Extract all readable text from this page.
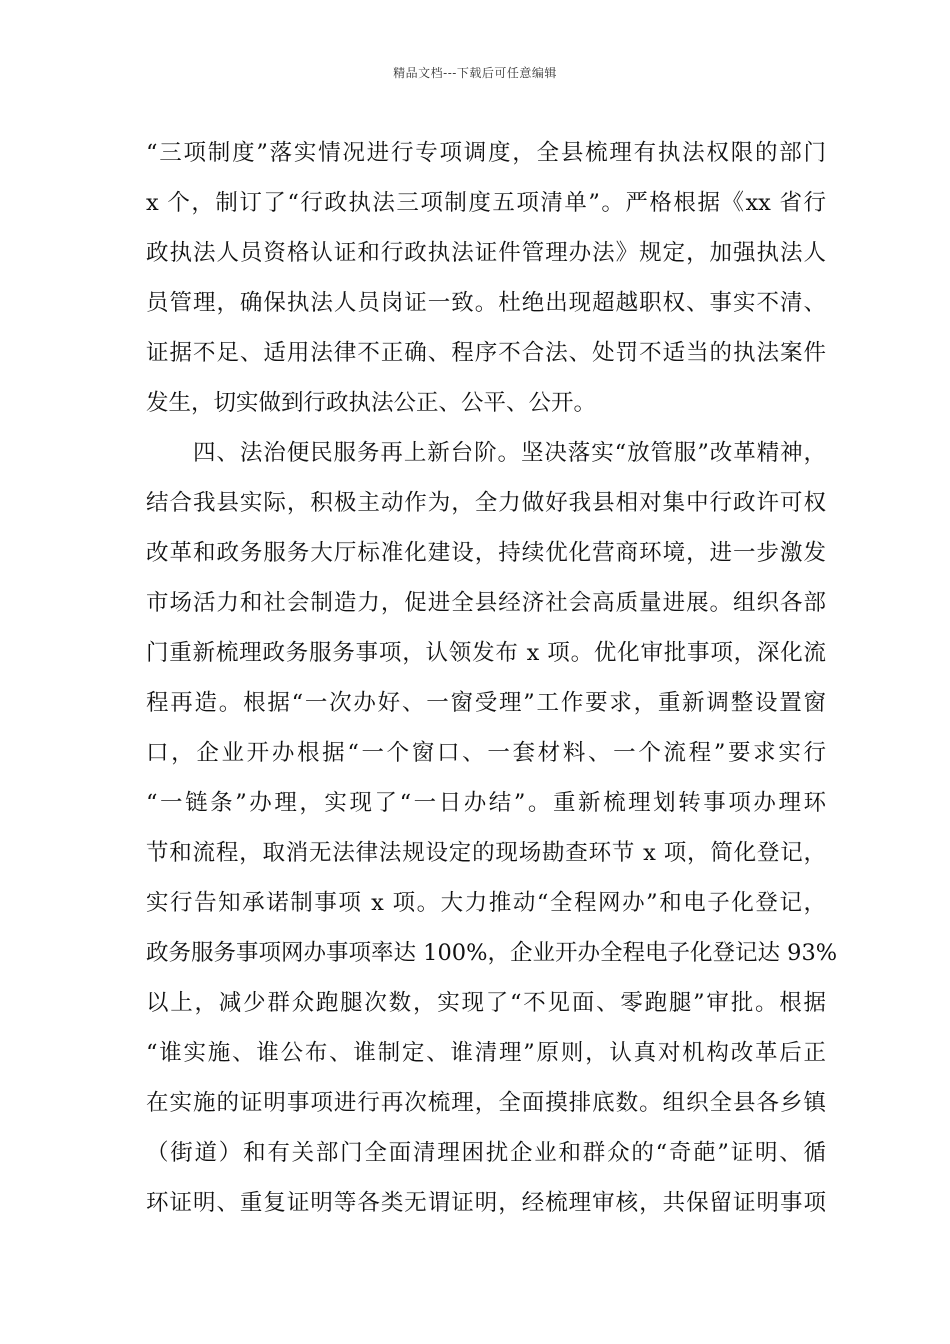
精品文档---下载后可任意编辑
“三项制度”落实情况进行专项调度，全县梳理有执法权限的部门
x 个，制订了“行政执法三项制度五项清单”。严格根据《xx 省行
政执法人员资格认证和行政执法证件管理办法》规定，加强执法人
员管理，确保执法人员岗证一致。杜绝出现超越职权、事实不清、
证据不足、适用法律不正确、程序不合法、处罚不适当的执法案件
发生，切实做到行政执法公正、公平、公开。
四、法治便民服务再上新台阶。坚决落实“放管服”改革精神，
结合我县实际，积极主动作为，全力做好我县相对集中行政许可权
改革和政务服务大厅标准化建设，持续优化营商环境，进一步激发
市场活力和社会制造力，促进全县经济社会高质量进展。组织各部
门重新梳理政务服务事项，认领发布 x 项。优化审批事项，深化流
程再造。根据“一次办好、一窗受理”工作要求，重新调整设置窗
口，企业开办根据“一个窗口、一套材料、一个流程”要求实行
“一链条”办理，实现了“一日办结”。重新梳理划转事项办理环
节和流程，取消无法律法规设定的现场勘查环节 x 项，简化登记，
实行告知承诺制事项 x 项。大力推动“全程网办”和电子化登记，
政务服务事项网办事项率达 100%，企业开办全程电子化登记达 93%
以上，减少群众跑腿次数，实现了“不见面、零跑腿”审批。根据
“谁实施、谁公布、谁制定、谁清理”原则，认真对机构改革后正
在实施的证明事项进行再次梳理，全面摸排底数。组织全县各乡镇
（街道）和有关部门全面清理困扰企业和群众的“奇葩”证明、循
环证明、重复证明等各类无谓证明，经梳理审核，共保留证明事项
